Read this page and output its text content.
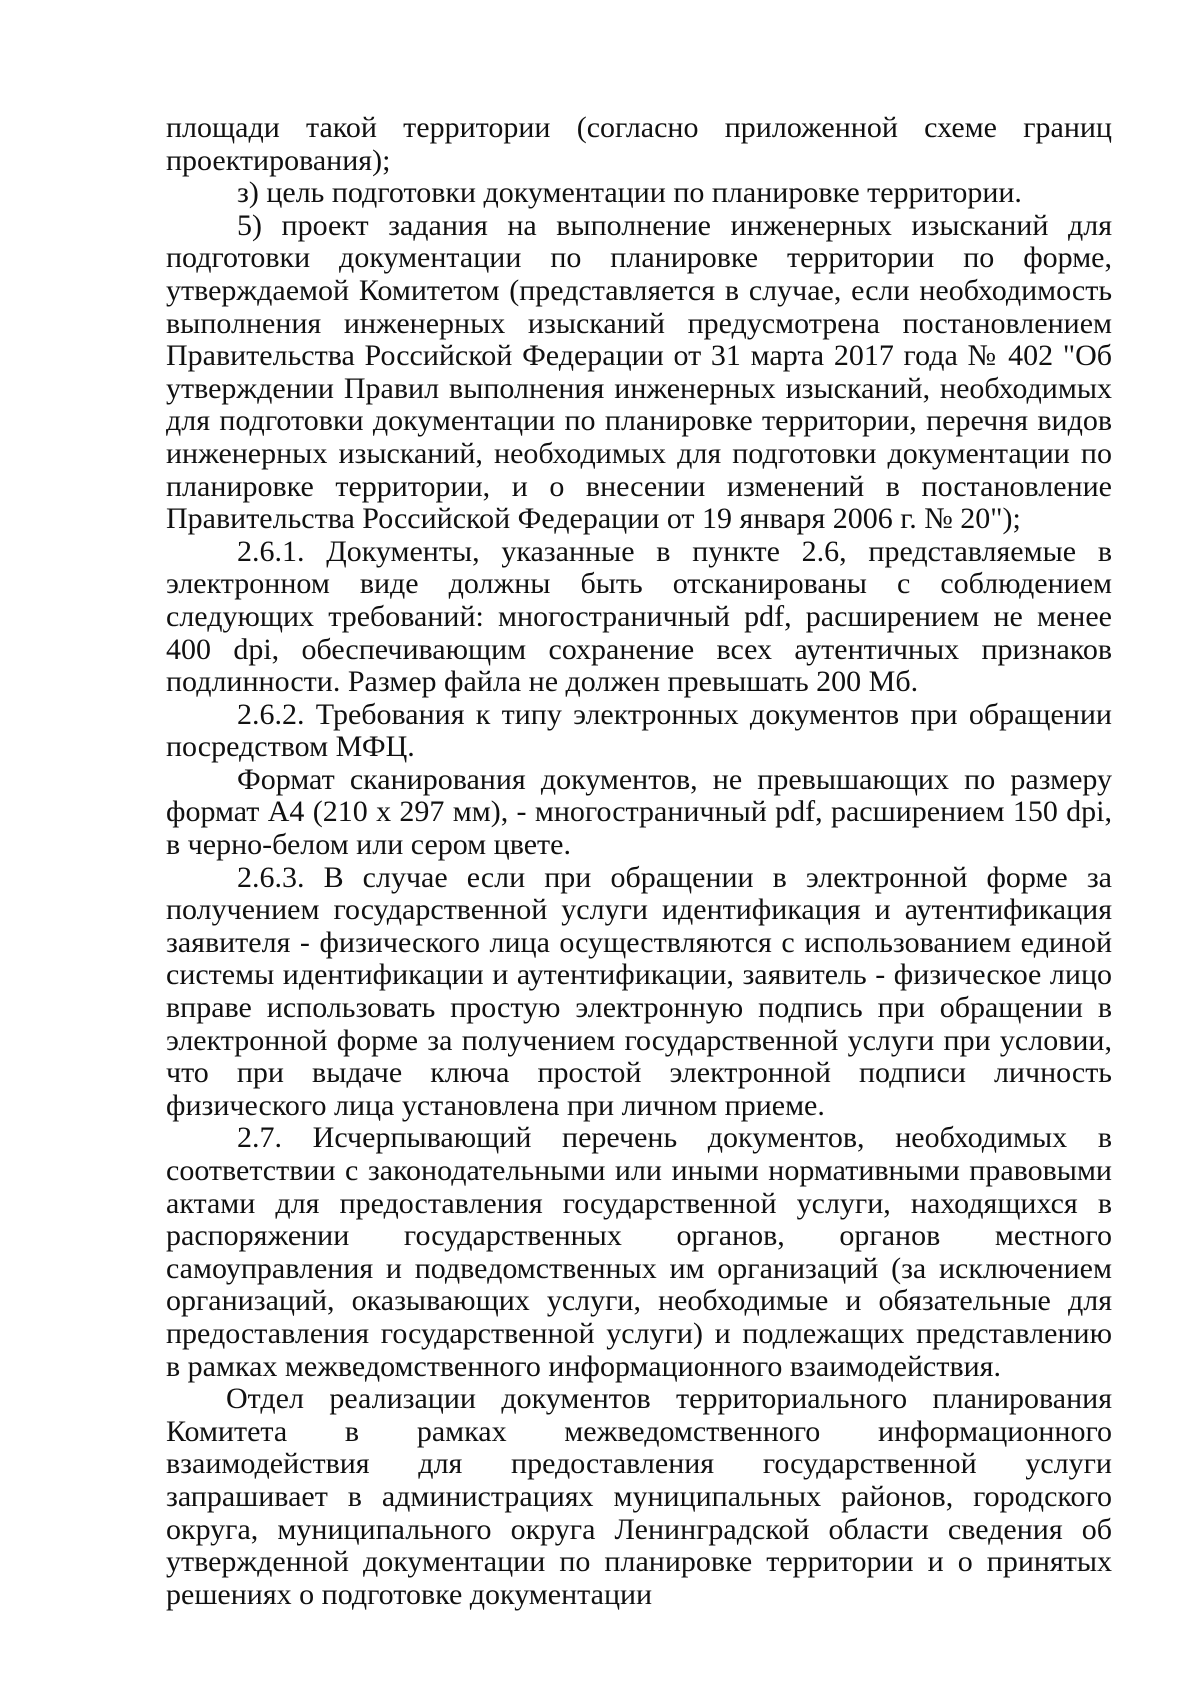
площади такой территории (согласно приложенной схеме границ проектирования);

з) цель подготовки документации по планировке территории.

5) проект задания на выполнение инженерных изысканий для подготовки документации по планировке территории по форме, утверждаемой Комитетом (представляется в случае, если необходимость выполнения инженерных изысканий предусмотрена постановлением Правительства Российской Федерации от 31 марта 2017 года № 402 "Об утверждении Правил выполнения инженерных изысканий, необходимых для подготовки документации по планировке территории, перечня видов инженерных изысканий, необходимых для подготовки документации по планировке территории, и о внесении изменений в постановление Правительства Российской Федерации от 19 января 2006 г. № 20");

2.6.1. Документы, указанные в пункте 2.6, представляемые в электронном виде должны быть отсканированы с соблюдением следующих требований: многостраничный pdf, расширением не менее 400 dpi, обеспечивающим сохранение всех аутентичных признаков подлинности. Размер файла не должен превышать 200 Мб.

2.6.2. Требования к типу электронных документов при обращении посредством МФЦ.

Формат сканирования документов, не превышающих по размеру формат А4 (210 х 297 мм), - многостраничный pdf, расширением 150 dpi, в черно-белом или сером цвете.

2.6.3. В случае если при обращении в электронной форме за получением государственной услуги идентификация и аутентификация заявителя - физического лица осуществляются с использованием единой системы идентификации и аутентификации, заявитель - физическое лицо вправе использовать простую электронную подпись при обращении в электронной форме за получением государственной услуги при условии, что при выдаче ключа простой электронной подписи личность физического лица установлена при личном приеме.

2.7. Исчерпывающий перечень документов, необходимых в соответствии с законодательными или иными нормативными правовыми актами для предоставления государственной услуги, находящихся в распоряжении государственных органов, органов местного самоуправления и подведомственных им организаций (за исключением организаций, оказывающих услуги, необходимые и обязательные для предоставления государственной услуги) и подлежащих представлению в рамках межведомственного информационного взаимодействия.

Отдел реализации документов территориального планирования Комитета в рамках межведомственного информационного взаимодействия для предоставления государственной услуги запрашивает в администрациях муниципальных районов, городского округа, муниципального округа Ленинградской области сведения об утвержденной документации по планировке территории и о принятых решениях о подготовке документации
